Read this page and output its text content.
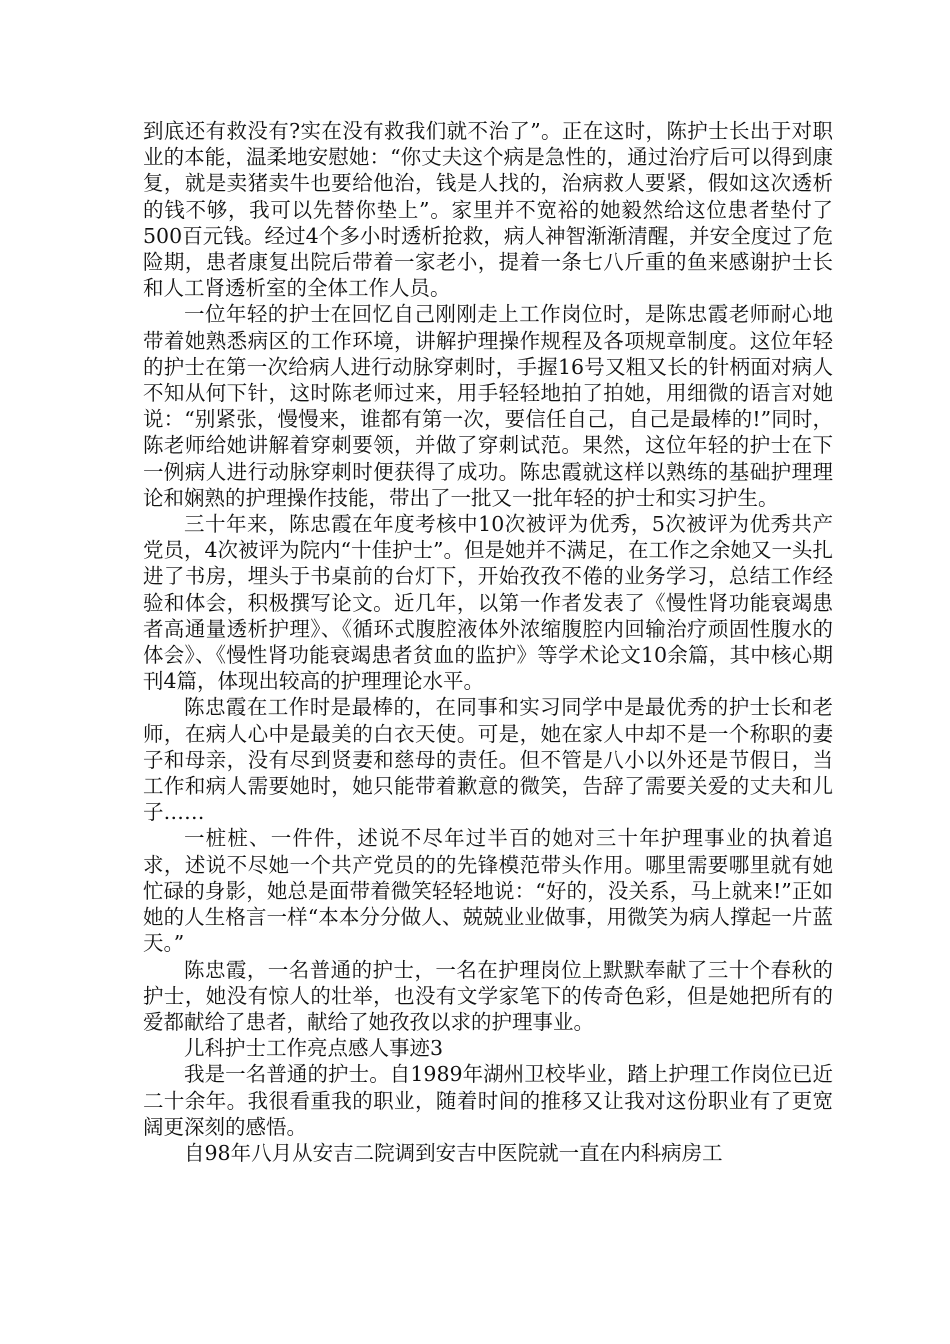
到底还有救没有?实在没有救我们就不治了”。正在这时，陈护士长出于对职业的本能，温柔地安慰她：“你丈夫这个病是急性的，通过治疗后可以得到康复，就是卖猪卖牛也要给他治，钱是人找的，治病救人要紧，假如这次透析的钱不够，我可以先替你垫上”。家里并不宽裕的她毅然给这位患者垫付了500百元钱。经过4个多小时透析抢救，病人神智渐渐清醒，并安全度过了危险期，患者康复出院后带着一家老小，提着一条七八斤重的鱼来感谢护士长和人工肾透析室的全体工作人员。

一位年轻的护士在回忆自己刚刚走上工作岗位时，是陈忠霞老师耐心地带着她熟悉病区的工作环境，讲解护理操作规程及各项规章制度。这位年轻的护士在第一次给病人进行动脉穿刺时，手握16号又粗又长的针柄面对病人不知从何下针，这时陈老师过来，用手轻轻地拍了拍她，用细微的语言对她说：“别紧张，慢慢来，谁都有第一次，要信任自己，自己是最棒的!”同时，陈老师给她讲解着穿刺要领，并做了穿刺试范。果然，这位年轻的护士在下一例病人进行动脉穿刺时便获得了成功。陈忠霞就这样以熟练的基础护理理论和娴熟的护理操作技能，带出了一批又一批年轻的护士和实习护生。

三十年来，陈忠霞在年度考核中10次被评为优秀，5次被评为优秀共产党员，4次被评为院内“十佳护士”。但是她并不满足，在工作之余她又一头扎进了书房，埋头于书桌前的台灯下，开始孜孜不倦的业务学习，总结工作经验和体会，积极撰写论文。近几年，以第一作者发表了《慢性肾功能衰竭患者高通量透析护理》、《循环式腹腔液体外浓缩腹腔内回输治疗顽固性腹水的体会》、《慢性肾功能衰竭患者贫血的监护》等学术论文10余篇，其中核心期刊4篇，体现出较高的护理理论水平。

陈忠霞在工作时是最棒的，在同事和实习同学中是最优秀的护士长和老师，在病人心中是最美的白衣天使。可是，她在家人中却不是一个称职的妻子和母亲，没有尽到贤妻和慈母的责任。但不管是八小以外还是节假日，当工作和病人需要她时，她只能带着歉意的微笑，告辞了需要关爱的丈夫和儿子……

一桩桩、一件件，述说不尽年过半百的她对三十年护理事业的执着追求，述说不尽她一个共产党员的的先锋模范带头作用。哪里需要哪里就有她忙碌的身影，她总是面带着微笑轻轻地说：“好的，没关系，马上就来!”正如她的人生格言一样“本本分分做人、兢兢业业做事，用微笑为病人撑起一片蓝天。”

陈忠霞，一名普通的护士，一名在护理岗位上默默奉献了三十个春秋的护士，她没有惊人的壮举，也没有文学家笔下的传奇色彩，但是她把所有的爱都献给了患者，献给了她孜孜以求的护理事业。

儿科护士工作亮点感人事迹3

我是一名普通的护士。自1989年湖州卫校毕业，踏上护理工作岗位已近二十余年。我很看重我的职业，随着时间的推移又让我对这份职业有了更宽阔更深刻的感悟。

自98年八月从安吉二院调到安吉中医院就一直在内科病房工
